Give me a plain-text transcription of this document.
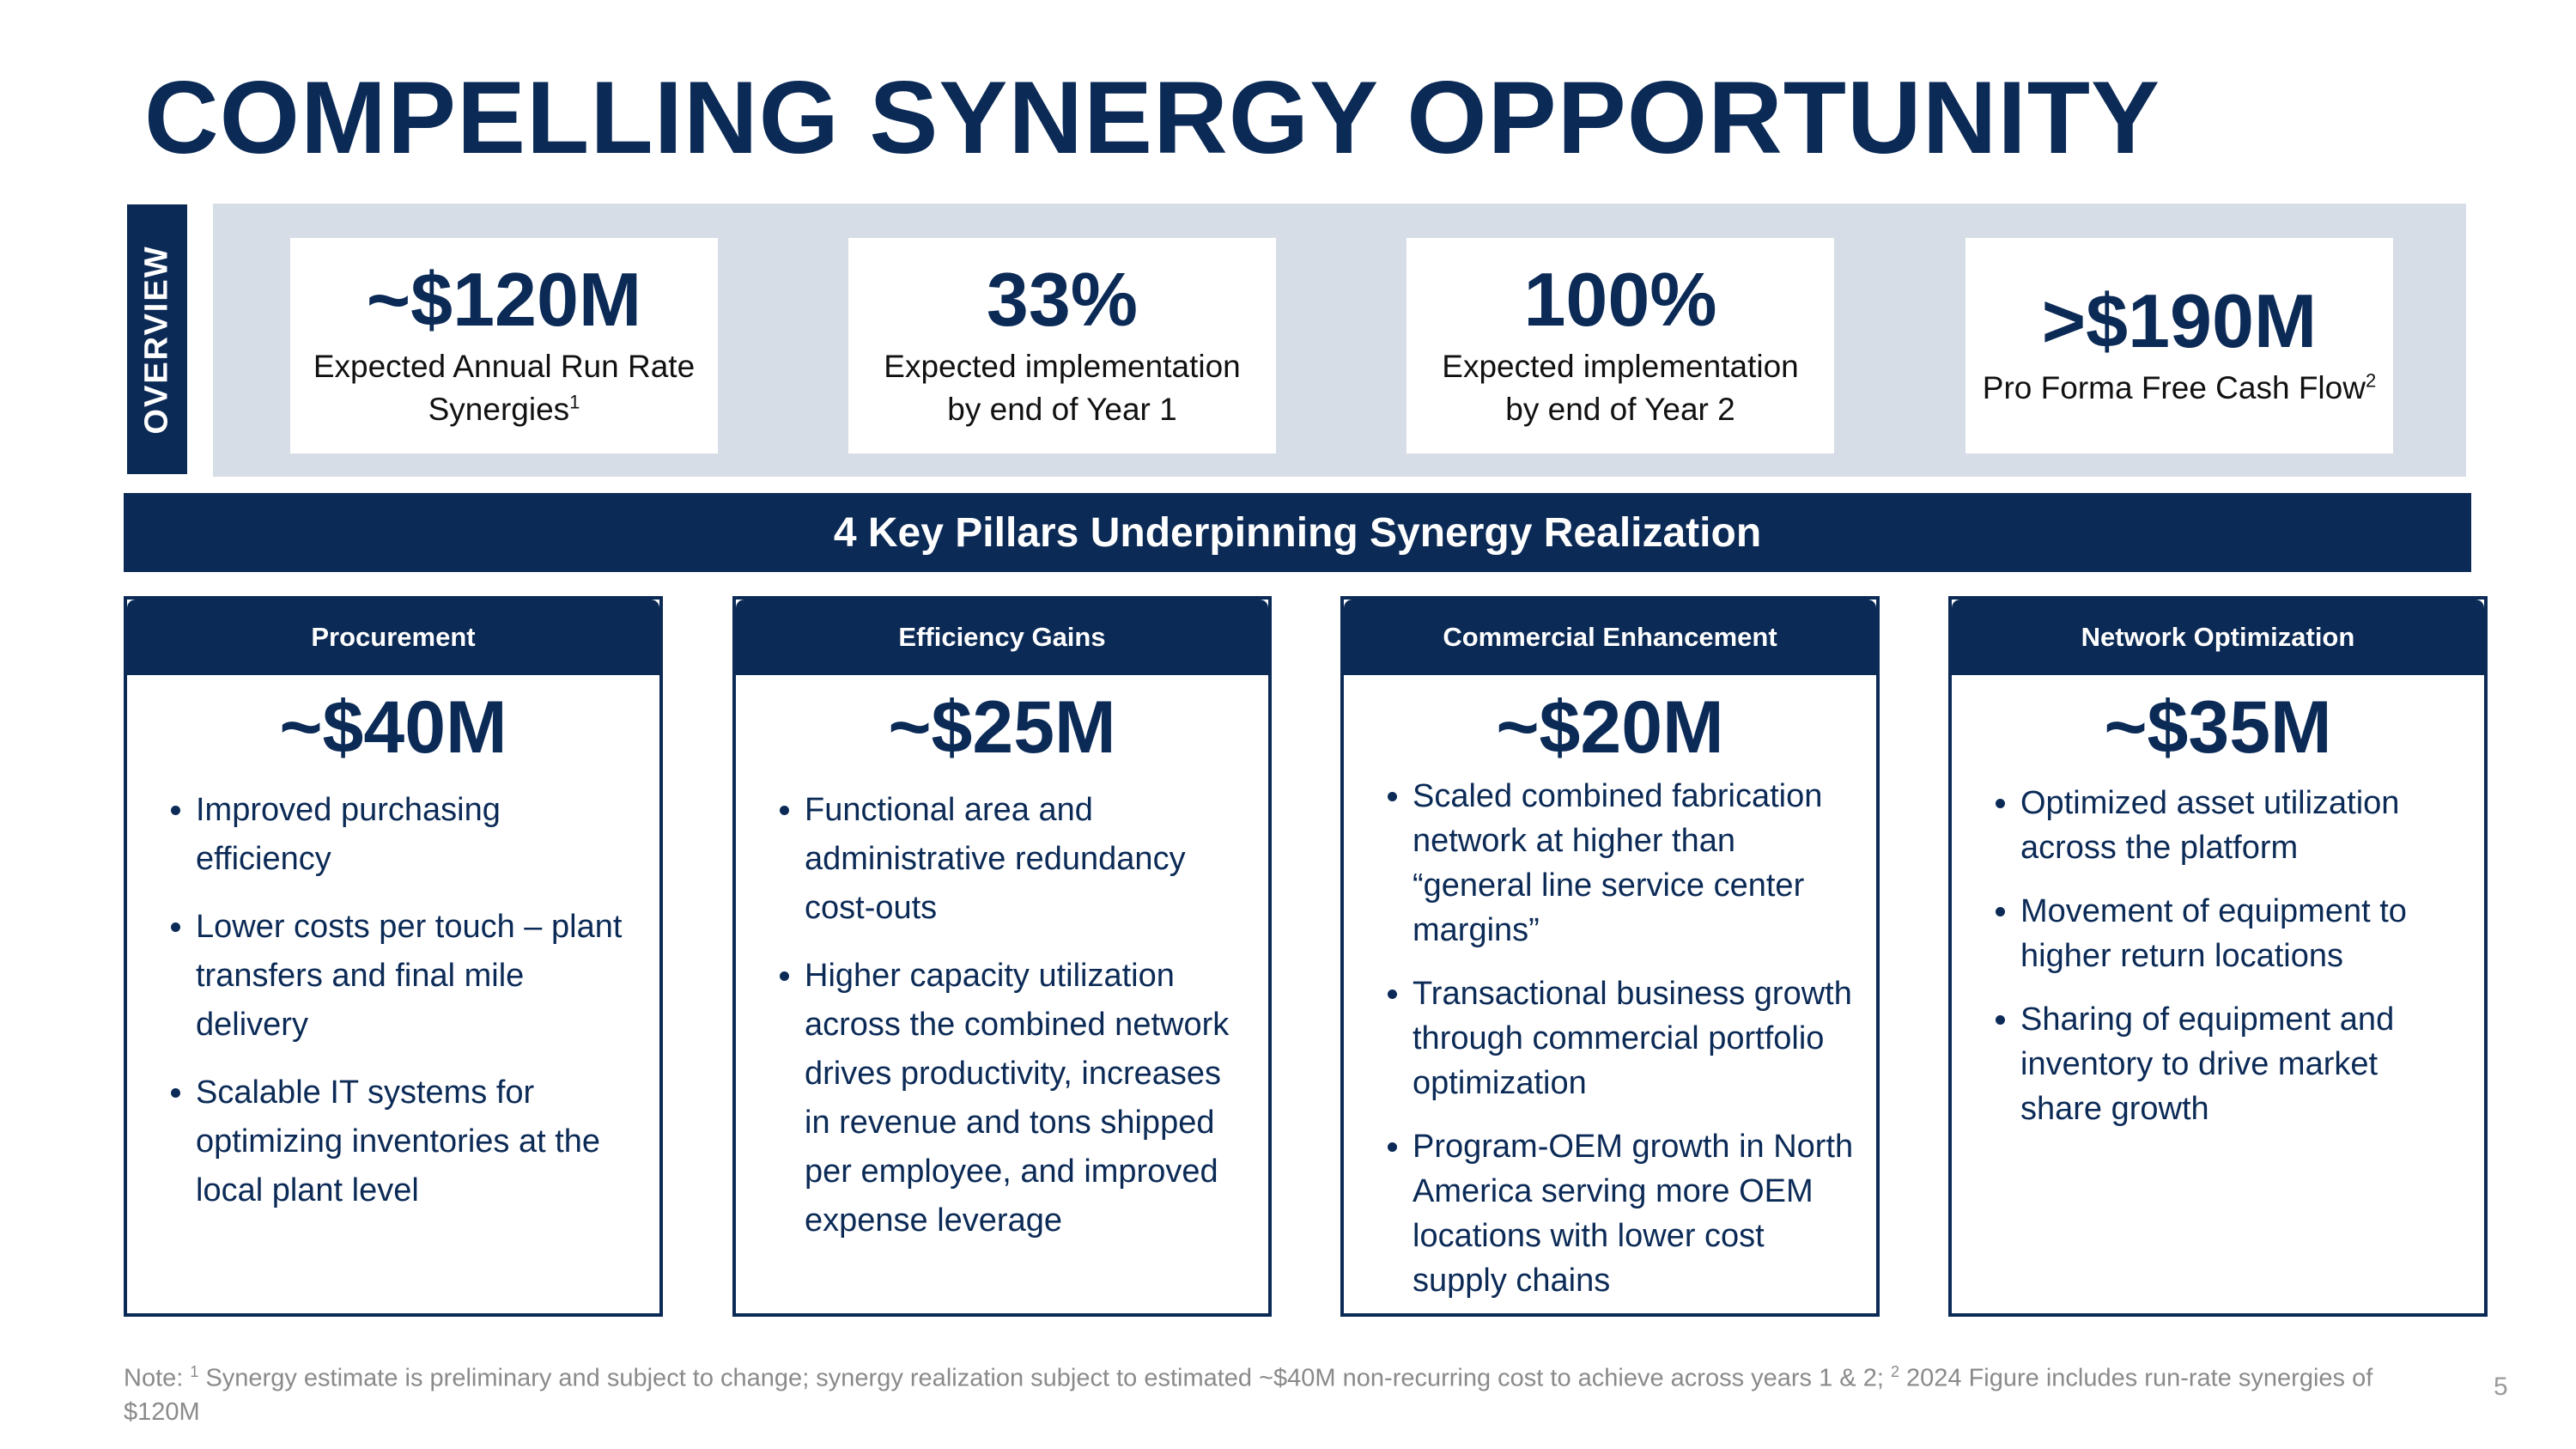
COMPELLING SYNERGY OPPORTUNITY
OVERVIEW	~$120M
Expected Annual Run Rate
Synergies$^1$
33%
Expected implementation
by end of Year 1
100%
Expected implementation
by end of Year 2
>$190M
Pro Forma Free Cash Flow$^2$
4 Key Pillars Underpinning Synergy Realization
Procurement
~$40M
• Improved purchasing efficiency
• Lower costs per touch – plant transfers and final mile delivery
• Scalable IT systems for optimizing inventories at the local plant level
Efficiency Gains
~$25M
• Functional area and administrative redundancy cost-outs
• Higher capacity utilization across the combined network drives productivity, increases in revenue and tons shipped per employee, and improved expense leverage
Commercial Enhancement
~$20M
• Scaled combined fabrication network at higher than “general line service center margins”
• Transactional business growth through commercial portfolio optimization
• Program-OEM growth in North America serving more OEM locations with lower cost supply chains
Network Optimization
~$35M
• Optimized asset utilization across the platform
• Movement of equipment to higher return locations
• Sharing of equipment and inventory to drive market share growth
Note: $^1$ Synergy estimate is preliminary and subject to change; synergy realization subject to estimated ~$40M non-recurring cost to achieve across years 1 & 2; $^2$ 2024 Figure includes run-rate synergies of $120M
5
